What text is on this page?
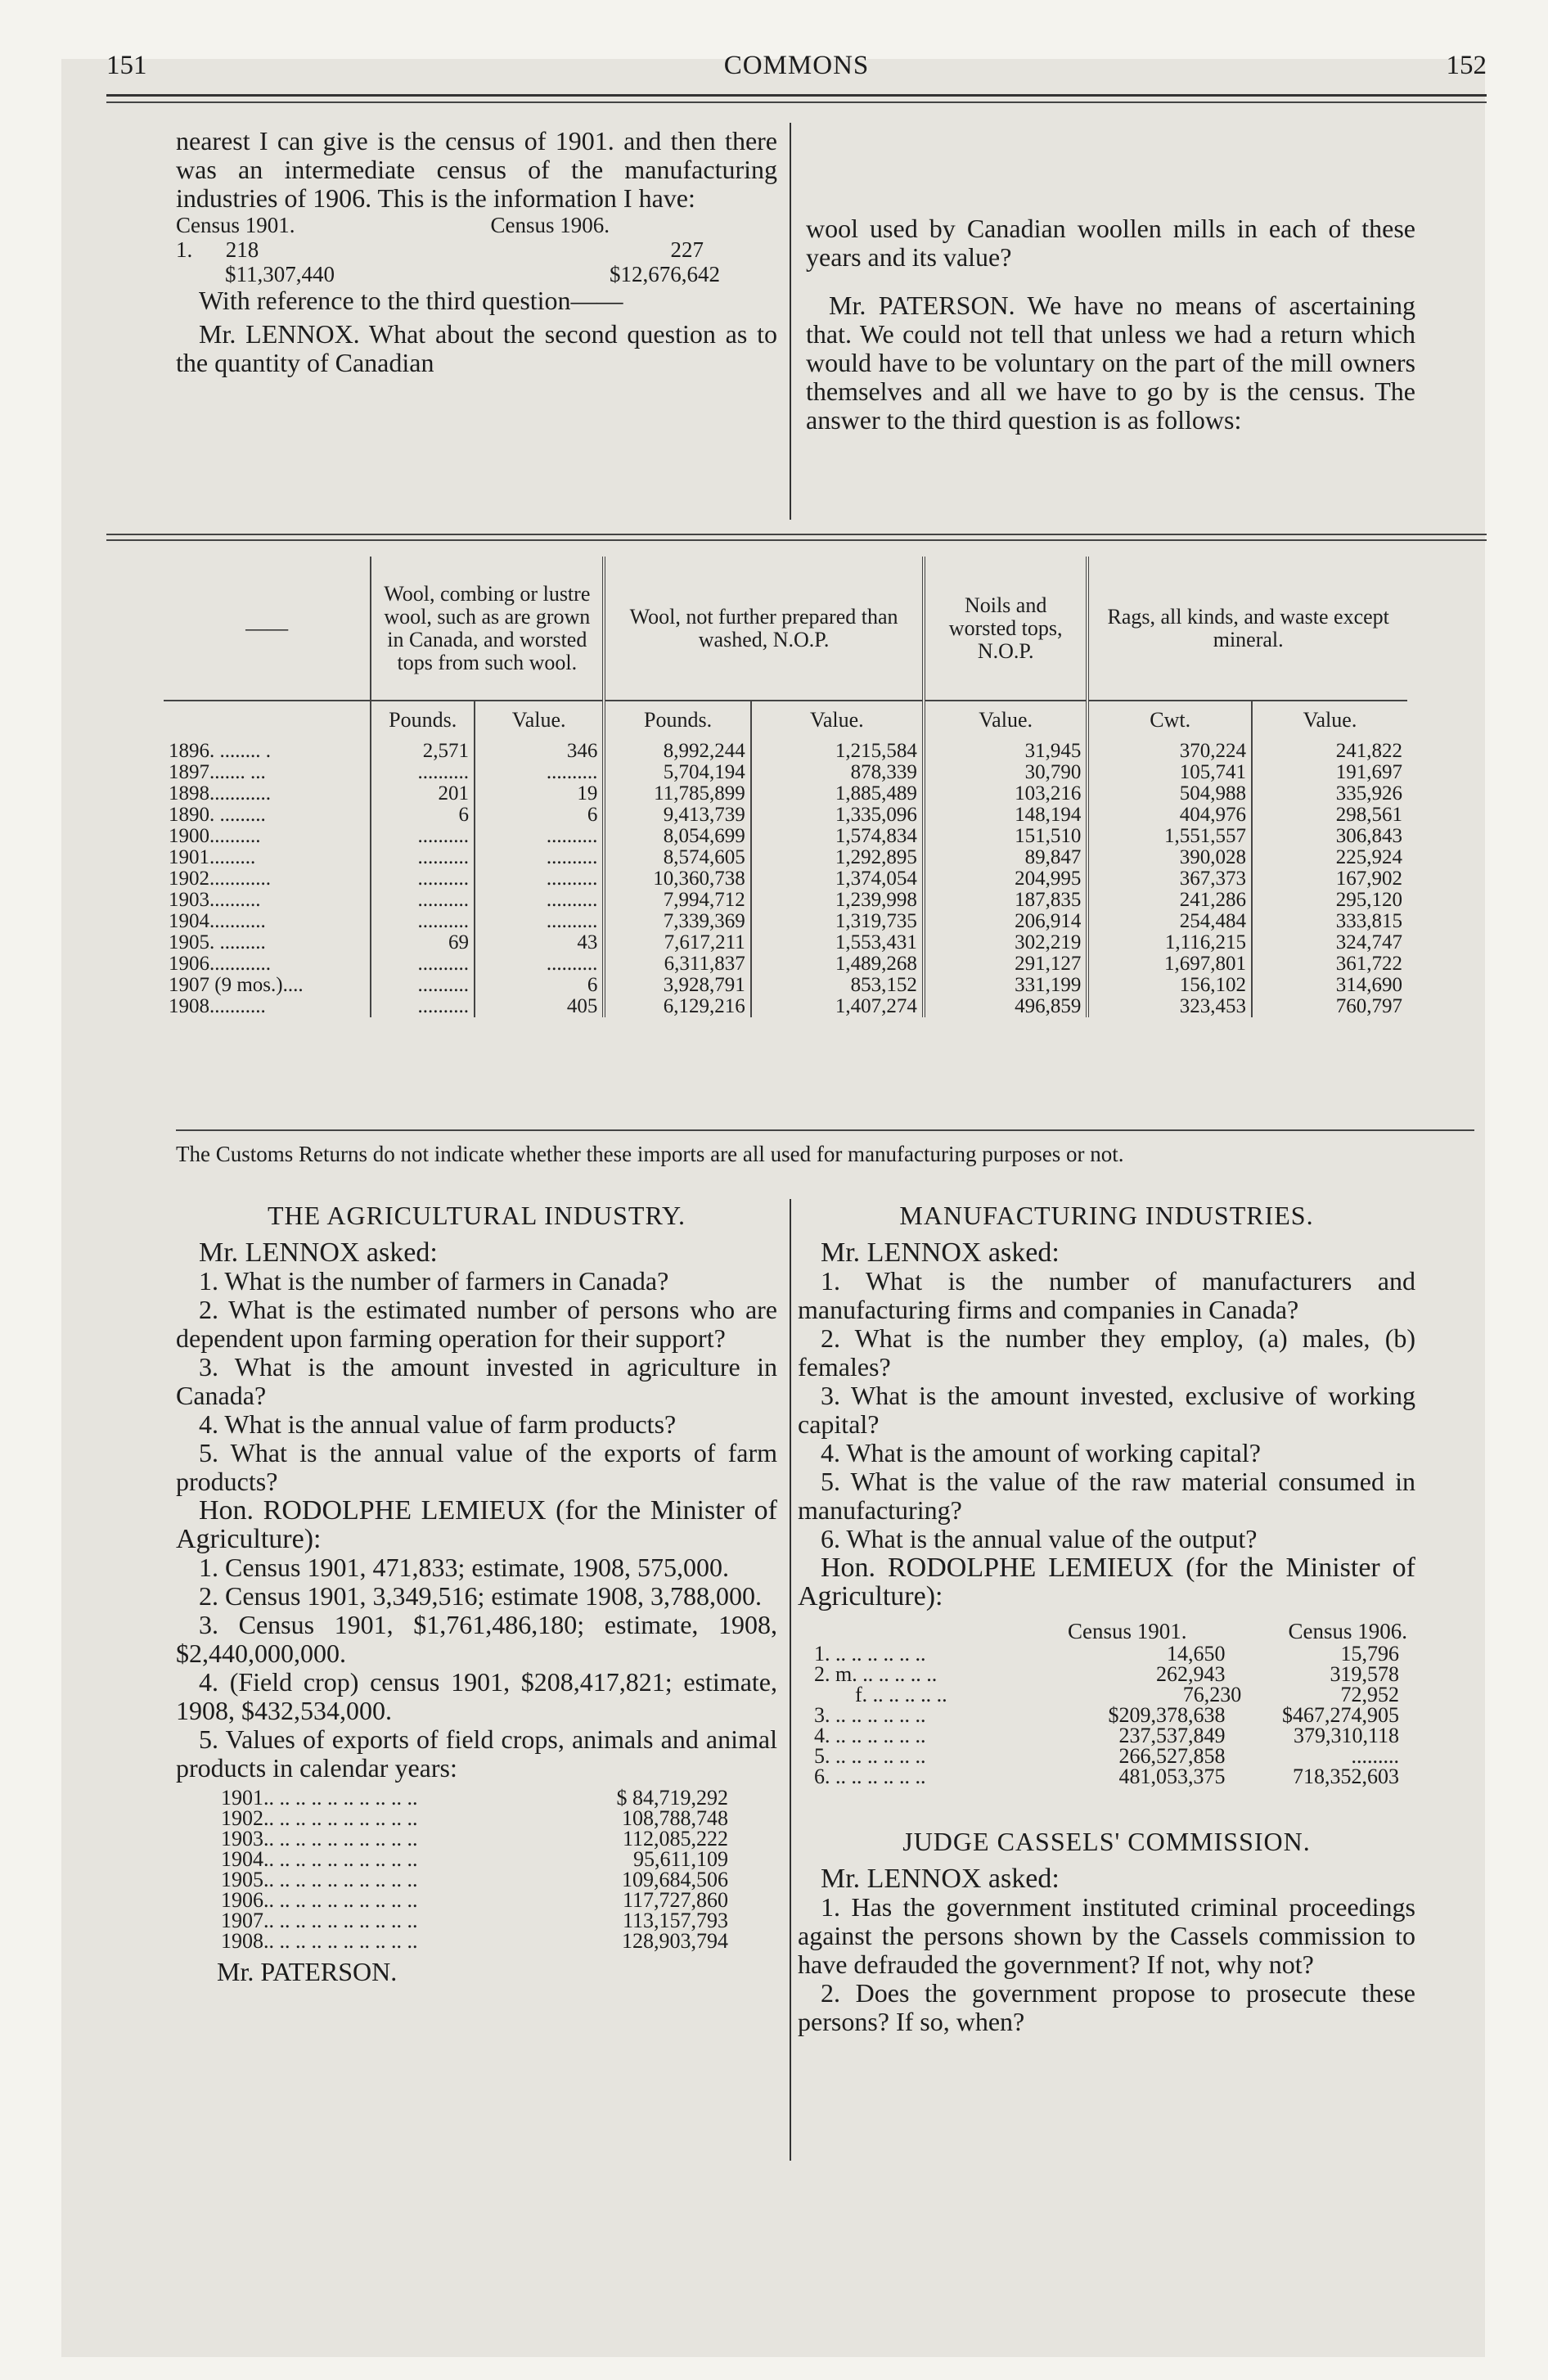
151	COMMONS	152

nearest I can give is the census of 1901. and then there was an intermediate census of the manufacturing industries of 1906. This is the information I have:

Census 1901.	Census 1906.
1. 218	227
$11,307,440	$12,676,642

With reference to the third question——

Mr. LENNOX. What about the second question as to the quantity of Canadian

wool used by Canadian woollen mills in each of these years and its value?

Mr. PATERSON. We have no means of ascertaining that. We could not tell that unless we had a return which would have to be voluntary on the part of the mill owners themselves and all we have to go by is the census. The answer to the third question is as follows:

——	Wool, combing or lustre wool, such as are grown in Canada, and worsted tops from such wool.		Wool, not further prepared than washed, N.O.P.		Noils and worsted tops, N.O.P.	Rags, all kinds, and waste except mineral.	
	Pounds.	Value.	Pounds.	Value.	Value.	Cwt.	Value.
1896. ........ .	2,571	346	8,992,244	1,215,584	31,945	370,224	241,822
1897....... ...	..........	..........	5,704,194	878,339	30,790	105,741	191,697
1898............	201	19	11,785,899	1,885,489	103,216	504,988	335,926
1890. .........	6	6	9,413,739	1,335,096	148,194	404,976	298,561
1900..........	..........	..........	8,054,699	1,574,834	151,510	1,551,557	306,843
1901.........	..........	..........	8,574,605	1,292,895	89,847	390,028	225,924
1902............	..........	..........	10,360,738	1,374,054	204,995	367,373	167,902
1903..........	..........	..........	7,994,712	1,239,998	187,835	241,286	295,120
1904...........	..........	..........	7,339,369	1,319,735	206,914	254,484	333,815
1905. .........	69	43	7,617,211	1,553,431	302,219	1,116,215	324,747
1906............	..........	..........	6,311,837	1,489,268	291,127	1,697,801	361,722
1907 (9 mos.)....	..........	6	3,928,791	853,152	331,199	156,102	314,690
1908...........	..........	405	6,129,216	1,407,274	496,859	323,453	760,797
The Customs Returns do not indicate whether these imports are all used for manufacturing purposes or not.
THE AGRICULTURAL INDUSTRY.
Mr. LENNOX asked:

1. What is the number of farmers in Canada?

2. What is the estimated number of persons who are dependent upon farming operation for their support?

3. What is the amount invested in agriculture in Canada?

4. What is the annual value of farm products?

5. What is the annual value of the exports of farm products?

Hon. RODOLPHE LEMIEUX (for the Minister of Agriculture):

1. Census 1901, 471,833; estimate, 1908, 575,000.

2. Census 1901, 3,349,516; estimate 1908, 3,788,000.

3. Census 1901, $1,761,486,180; estimate, 1908, $2,440,000,000.

4. (Field crop) census 1901, $208,417,821; estimate, 1908, $432,534,000.

5. Values of exports of field crops, animals and animal products in calendar years:

1901.. .. .. .. .. .. .. .. .. ..	$ 84,719,292
1902.. .. .. .. .. .. .. .. .. ..	108,788,748
1903.. .. .. .. .. .. .. .. .. ..	112,085,222
1904.. .. .. .. .. .. .. .. .. ..	95,611,109
1905.. .. .. .. .. .. .. .. .. ..	109,684,506
1906.. .. .. .. .. .. .. .. .. ..	117,727,860
1907.. .. .. .. .. .. .. .. .. ..	113,157,793
1908.. .. .. .. .. .. .. .. .. ..	128,903,794

Mr. PATERSON.

MANUFACTURING INDUSTRIES.
Mr. LENNOX asked:

1. What is the number of manufacturers and manufacturing firms and companies in Canada?

2. What is the number they employ, (a) males, (b) females?

3. What is the amount invested, exclusive of working capital?

4. What is the amount of working capital?

5. What is the value of the raw material consumed in manufacturing?

6. What is the annual value of the output?

Hon. RODOLPHE LEMIEUX (for the Minister of Agriculture):

Census 1901.	Census 1906.
1. .. .. .. .. .. ..	14,650	15,796
2. m. .. .. .. .. ..	262,943	319,578
f. .. .. .. .. ..	76,230	72,952
3. .. .. .. .. .. ..	$209,378,638	$467,274,905
4. .. .. .. .. .. ..	237,537,849	379,310,118
5. .. .. .. .. .. ..	266,527,858	.........
6. .. .. .. .. .. ..	481,053,375	718,352,603
JUDGE CASSELS' COMMISSION.
Mr. LENNOX asked:

1. Has the government instituted criminal proceedings against the persons shown by the Cassels commission to have defrauded the government? If not, why not?

2. Does the government propose to prosecute these persons? If so, when?
